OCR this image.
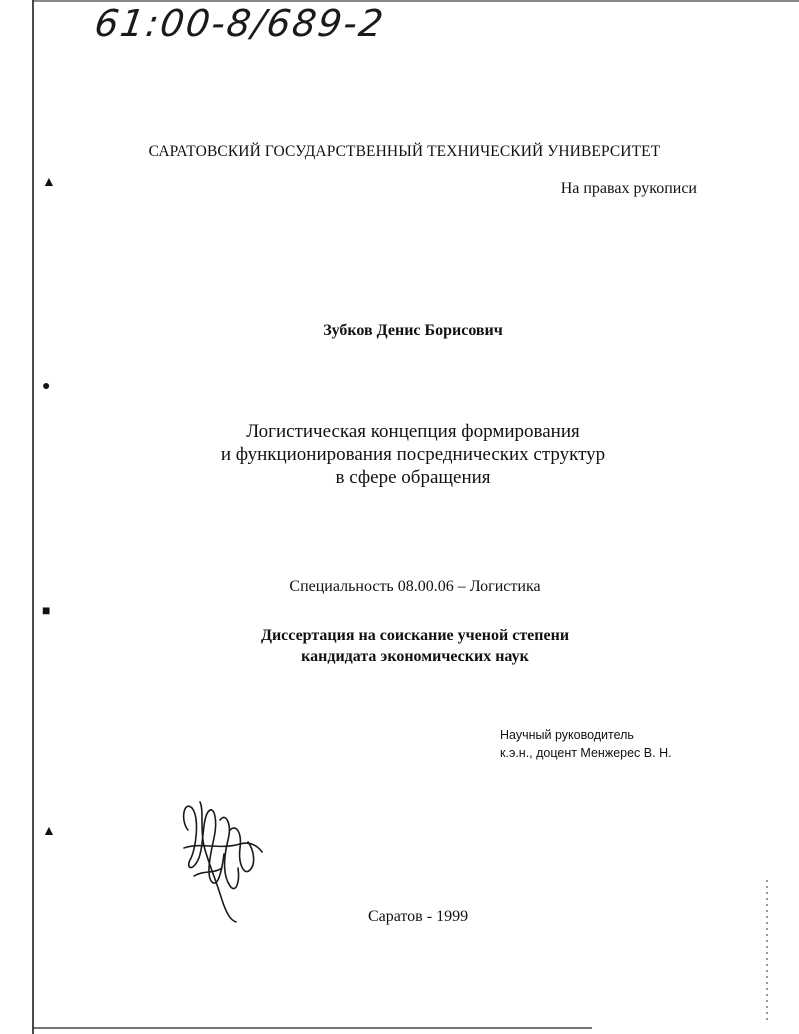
▲
●
■
▲
61:00-8/689-2
САРАТОВСКИЙ ГОСУДАРСТВЕННЫЙ ТЕХНИЧЕСКИЙ УНИВЕРСИТЕТ
На правах рукописи
Зубков Денис Борисович
Логистическая концепция формирования
и функционирования посреднических структур
в сфере обращения
Специальность 08.00.06 – Логистика
Диссертация на соискание ученой степени
кандидата экономических наук
Научный руководитель
к.э.н., доцент Менжерес В. Н.
Саратов - 1999
